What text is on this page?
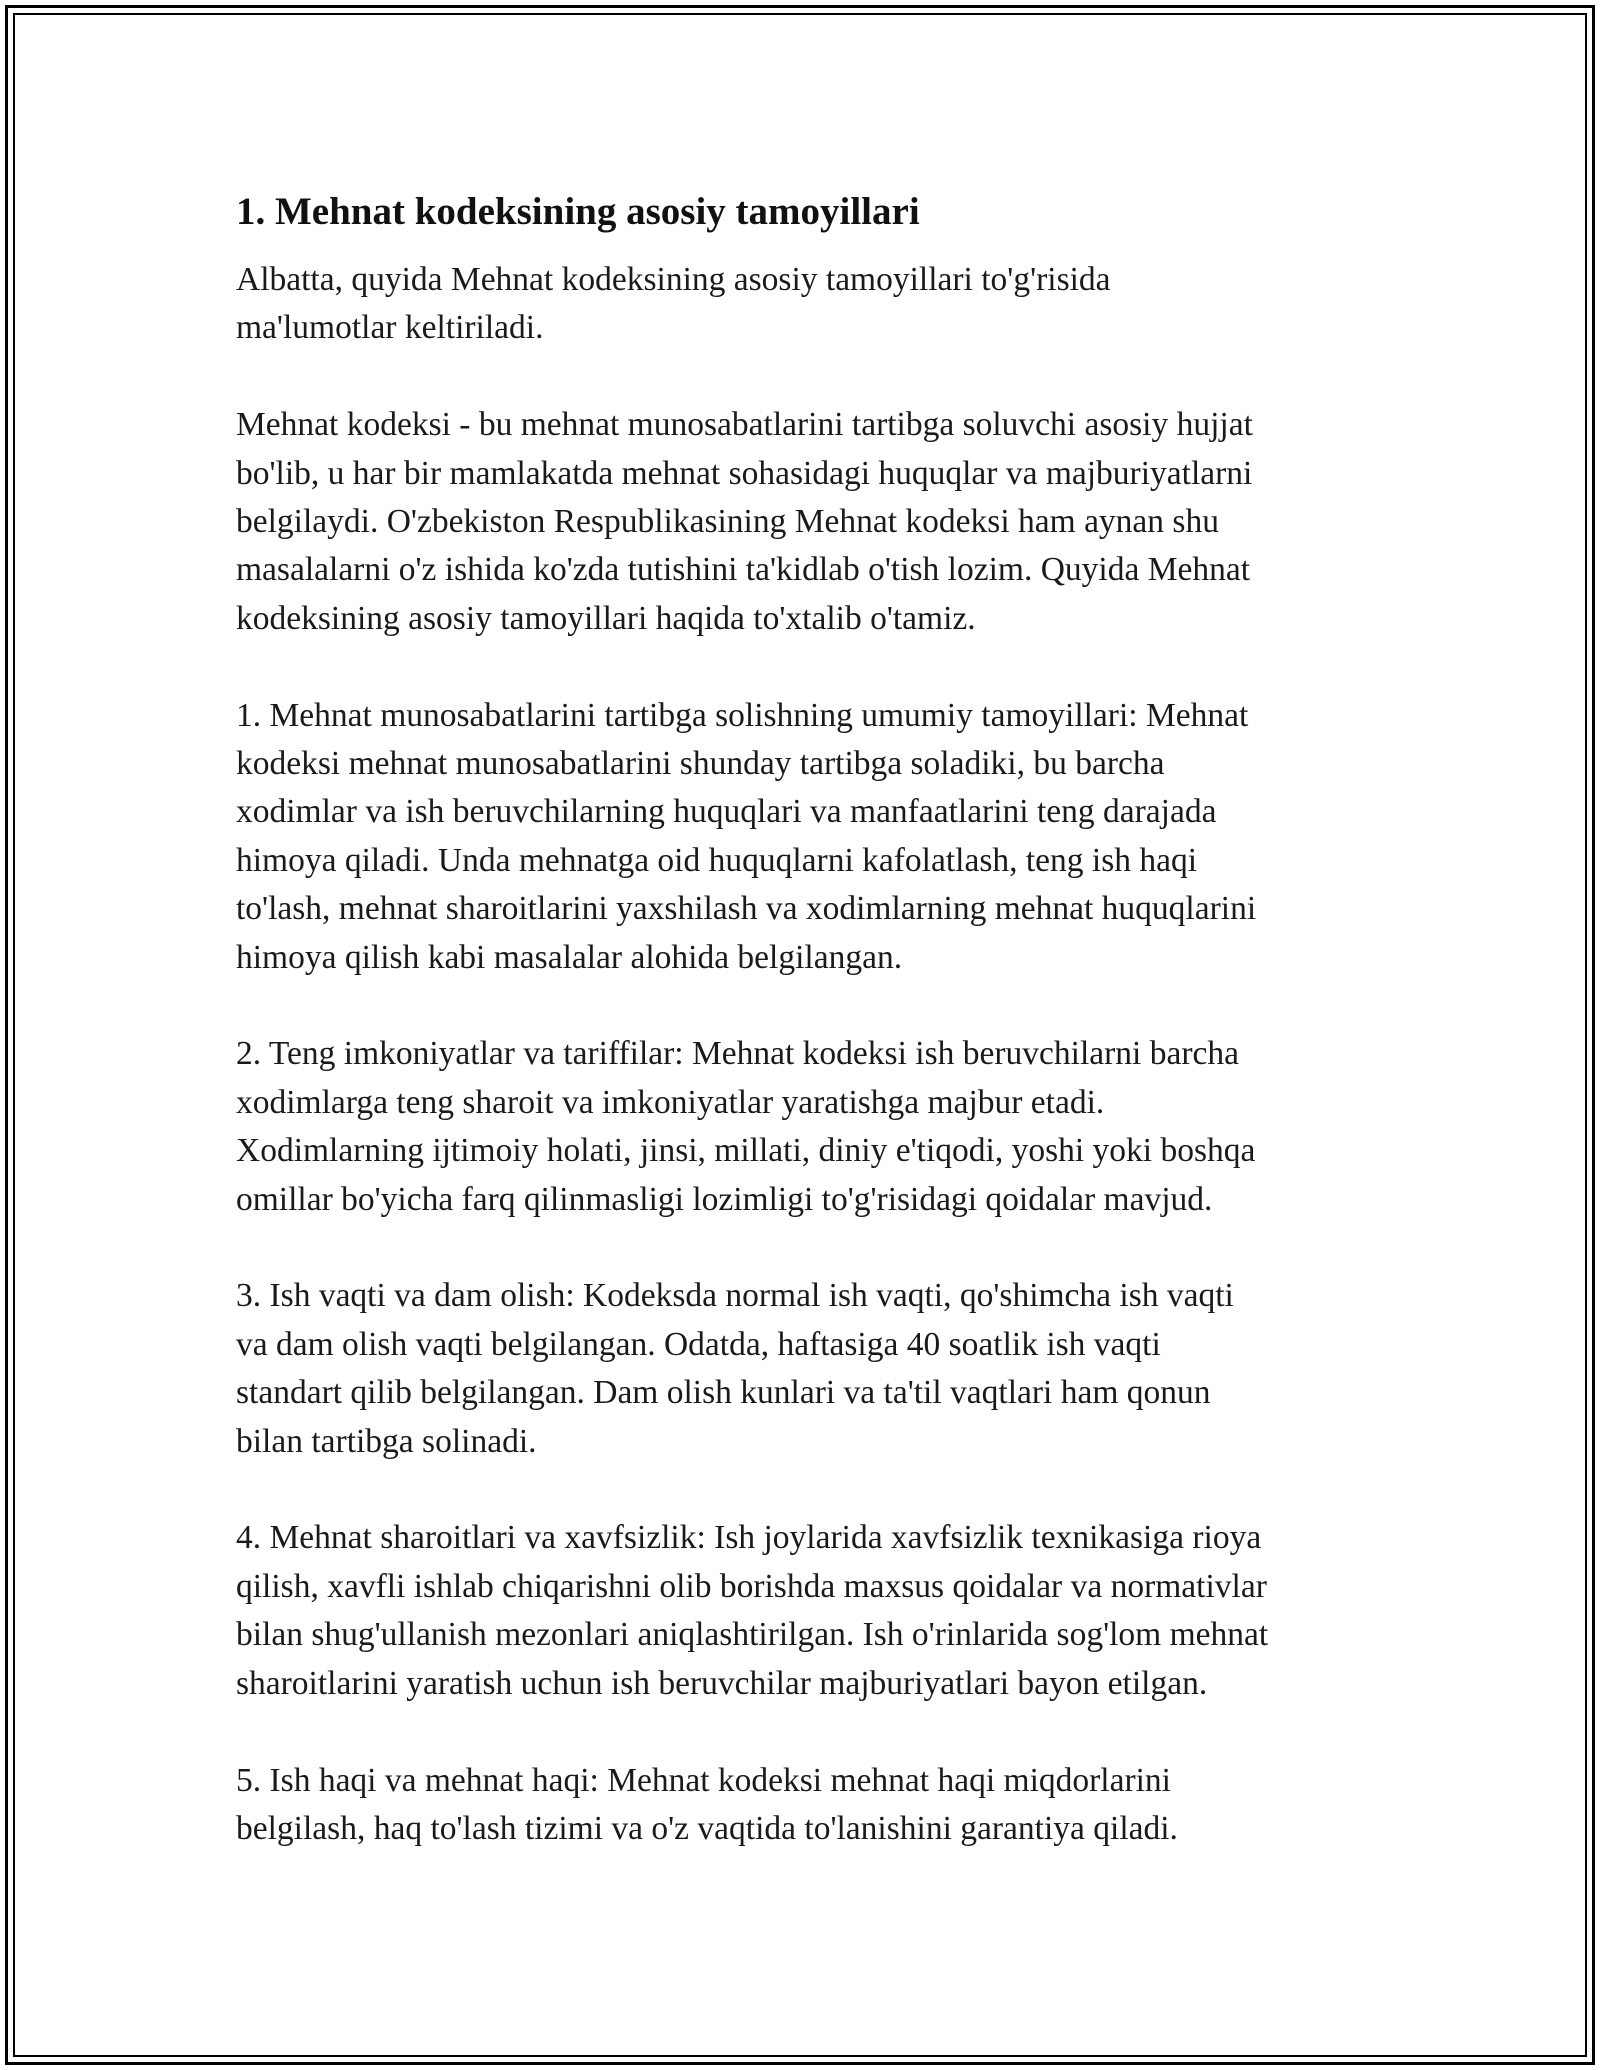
1. Mehnat kodeksining asosiy tamoyillari

Albatta, quyida Mehnat kodeksining asosiy tamoyillari to'g'risida
ma'lumotlar keltiriladi.

Mehnat kodeksi - bu mehnat munosabatlarini tartibga soluvchi asosiy hujjat
bo'lib, u har bir mamlakatda mehnat sohasidagi huquqlar va majburiyatlarni
belgilaydi. O'zbekiston Respublikasining Mehnat kodeksi ham aynan shu
masalalarni o'z ishida ko'zda tutishini ta'kidlab o'tish lozim. Quyida Mehnat
kodeksining asosiy tamoyillari haqida to'xtalib o'tamiz.

1. Mehnat munosabatlarini tartibga solishning umumiy tamoyillari: Mehnat
kodeksi mehnat munosabatlarini shunday tartibga soladiki, bu barcha
xodimlar va ish beruvchilarning huquqlari va manfaatlarini teng darajada
himoya qiladi. Unda mehnatga oid huquqlarni kafolatlash, teng ish haqi
to'lash, mehnat sharoitlarini yaxshilash va xodimlarning mehnat huquqlarini
himoya qilish kabi masalalar alohida belgilangan.

2. Teng imkoniyatlar va tariffilar: Mehnat kodeksi ish beruvchilarni barcha
xodimlarga teng sharoit va imkoniyatlar yaratishga majbur etadi.
Xodimlarning ijtimoiy holati, jinsi, millati, diniy e'tiqodi, yoshi yoki boshqa
omillar bo'yicha farq qilinmasligi lozimligi to'g'risidagi qoidalar mavjud.

3. Ish vaqti va dam olish: Kodeksda normal ish vaqti, qo'shimcha ish vaqti
va dam olish vaqti belgilangan. Odatda, haftasiga 40 soatlik ish vaqti
standart qilib belgilangan. Dam olish kunlari va ta'til vaqtlari ham qonun
bilan tartibga solinadi.

4. Mehnat sharoitlari va xavfsizlik: Ish joylarida xavfsizlik texnikasiga rioya
qilish, xavfli ishlab chiqarishni olib borishda maxsus qoidalar va normativlar
bilan shug'ullanish mezonlari aniqlashtirilgan. Ish o'rinlarida sog'lom mehnat
sharoitlarini yaratish uchun ish beruvchilar majburiyatlari bayon etilgan.

5. Ish haqi va mehnat haqi: Mehnat kodeksi mehnat haqi miqdorlarini
belgilash, haq to'lash tizimi va o'z vaqtida to'lanishini garantiya qiladi.
